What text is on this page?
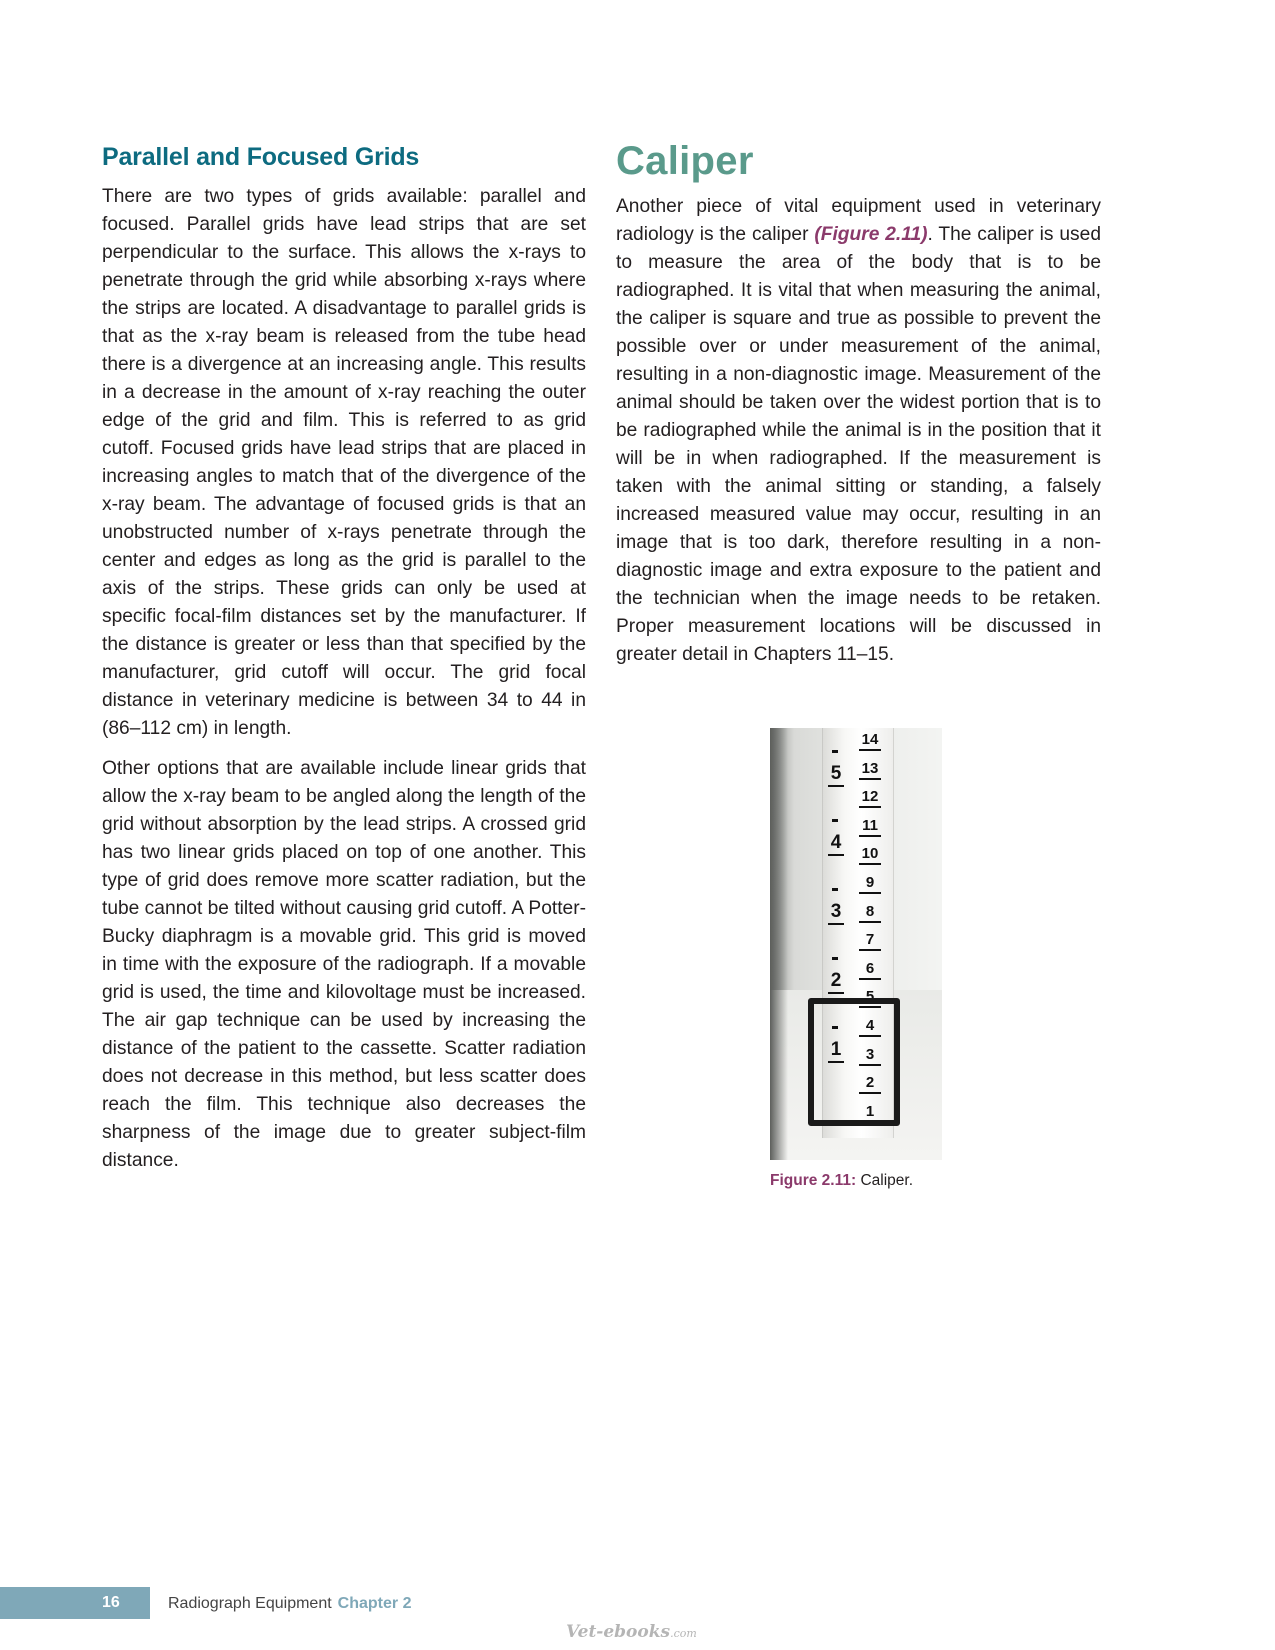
Parallel and Focused Grids

There are two types of grids available: parallel and focused. Parallel grids have lead strips that are set perpendicular to the surface. This allows the x-rays to penetrate through the grid while absorbing x-rays where the strips are located. A disadvantage to parallel grids is that as the x-ray beam is released from the tube head there is a divergence at an increasing angle. This results in a decrease in the amount of x-ray reaching the outer edge of the grid and film. This is referred to as grid cutoff. Focused grids have lead strips that are placed in increasing angles to match that of the divergence of the x-ray beam. The advantage of focused grids is that an unobstructed number of x-rays penetrate through the center and edges as long as the grid is parallel to the axis of the strips. These grids can only be used at specific focal-film distances set by the manufacturer. If the distance is greater or less than that specified by the manufacturer, grid cutoff will occur. The grid focal distance in veterinary medicine is between 34 to 44 in (86–112 cm) in length.

Other options that are available include linear grids that allow the x-ray beam to be angled along the length of the grid without absorption by the lead strips. A crossed grid has two linear grids placed on top of one another. This type of grid does remove more scatter radiation, but the tube cannot be tilted without causing grid cutoff. A Potter-Bucky diaphragm is a movable grid. This grid is moved in time with the exposure of the radiograph. If a movable grid is used, the time and kilovoltage must be increased. The air gap technique can be used by increasing the distance of the patient to the cassette. Scatter radiation does not decrease in this method, but less scatter does reach the film. This technique also decreases the sharpness of the image due to greater subject-film distance.

Caliper

Another piece of vital equipment used in veterinary radiology is the caliper (Figure 2.11). The caliper is used to measure the area of the body that is to be radiographed. It is vital that when measuring the animal, the caliper is square and true as possible to prevent the possible over or under measurement of the animal, resulting in a non-diagnostic image. Measurement of the animal should be taken over the widest portion that is to be radiographed while the animal is in the position that it will be in when radiographed. If the measurement is taken with the animal sitting or standing, a falsely increased measured value may occur, resulting in an image that is too dark, therefore resulting in a non-diagnostic image and extra exposure to the patient and the technician when the image needs to be retaken. Proper measurement locations will be discussed in greater detail in Chapters 11–15.

14
13
12
11
10
9
8
7
6
5
4
3
2
1
5
4
3
2
1
Figure 2.11: Caliper.
16	Radiograph Equipment Chapter 2
Vet-ebooks.com
